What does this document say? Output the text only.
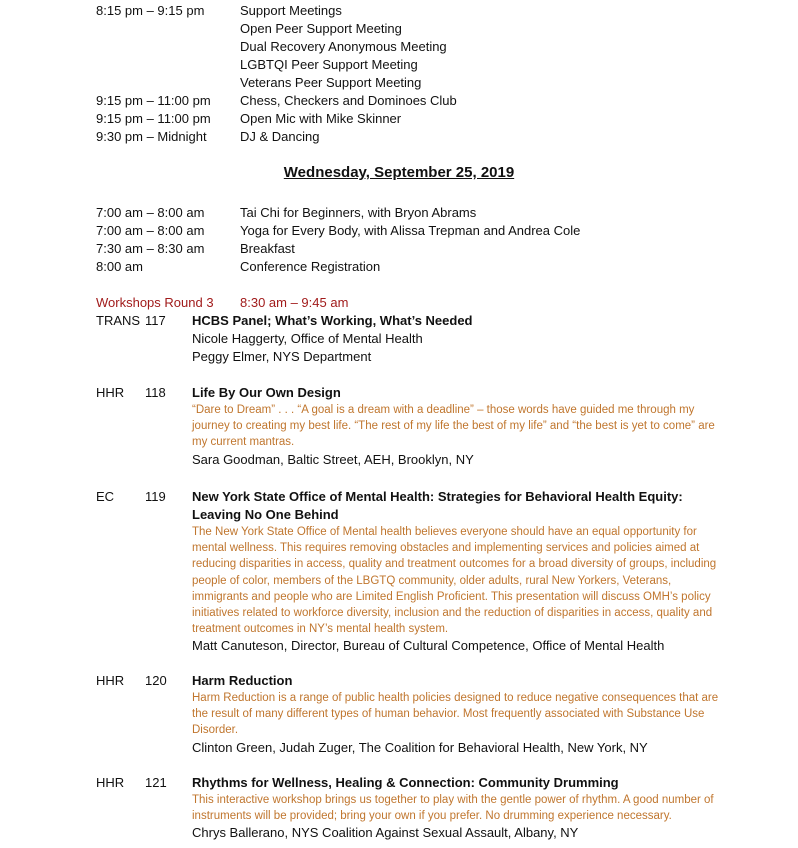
8:15 pm – 9:15 pm	Support Meetings
Open Peer Support Meeting
Dual Recovery Anonymous Meeting
LGBTQI Peer Support Meeting
Veterans Peer Support Meeting
9:15 pm – 11:00 pm Chess, Checkers and Dominoes Club
9:15 pm – 11:00 pm Open Mic with Mike Skinner
9:30 pm – Midnight	DJ & Dancing
Wednesday, September 25, 2019
7:00 am – 8:00 am	Tai Chi for Beginners, with Bryon Abrams
7:00 am – 8:00 am	Yoga for Every Body, with Alissa Trepman and Andrea Cole
7:30 am – 8:30 am	Breakfast
8:00 am	Conference Registration
Workshops Round 3 8:30 am – 9:45 am
TRANS 117 HCBS Panel; What’s Working, What’s Needed
Nicole Haggerty, Office of Mental Health
Peggy Elmer, NYS Department
HHR 118 Life By Our Own Design
“Dare to Dream” . . . “A goal is a dream with a deadline” – those words have guided me through my
journey to creating my best life. “The rest of my life the best of my life” and “the best is yet to come” are
my current mantras.
Sara Goodman, Baltic Street, AEH, Brooklyn, NY
EC 119 New York State Office of Mental Health: Strategies for Behavioral Health Equity:
Leaving No One Behind
The New York State Office of Mental health believes everyone should have an equal opportunity for
mental wellness. This requires removing obstacles and implementing services and policies aimed at
reducing disparities in access, quality and treatment outcomes for a broad diversity of groups, including
people of color, members of the LBGTQ community, older adults, rural New Yorkers, Veterans,
immigrants and people who are Limited English Proficient. This presentation will discuss OMH’s policy
initiatives related to workforce diversity, inclusion and the reduction of disparities in access, quality and
treatment outcomes in NY’s mental health system.
Matt Canuteson, Director, Bureau of Cultural Competence, Office of Mental Health
HHR 120 Harm Reduction
Harm Reduction is a range of public health policies designed to reduce negative consequences that are
the result of many different types of human behavior. Most frequently associated with Substance Use
Disorder.
Clinton Green, Judah Zuger, The Coalition for Behavioral Health, New York, NY
HHR 121 Rhythms for Wellness, Healing & Connection: Community Drumming
This interactive workshop brings us together to play with the gentle power of rhythm. A good number of
instruments will be provided; bring your own if you prefer. No drumming experience necessary.
Chrys Ballerano, NYS Coalition Against Sexual Assault, Albany, NY
